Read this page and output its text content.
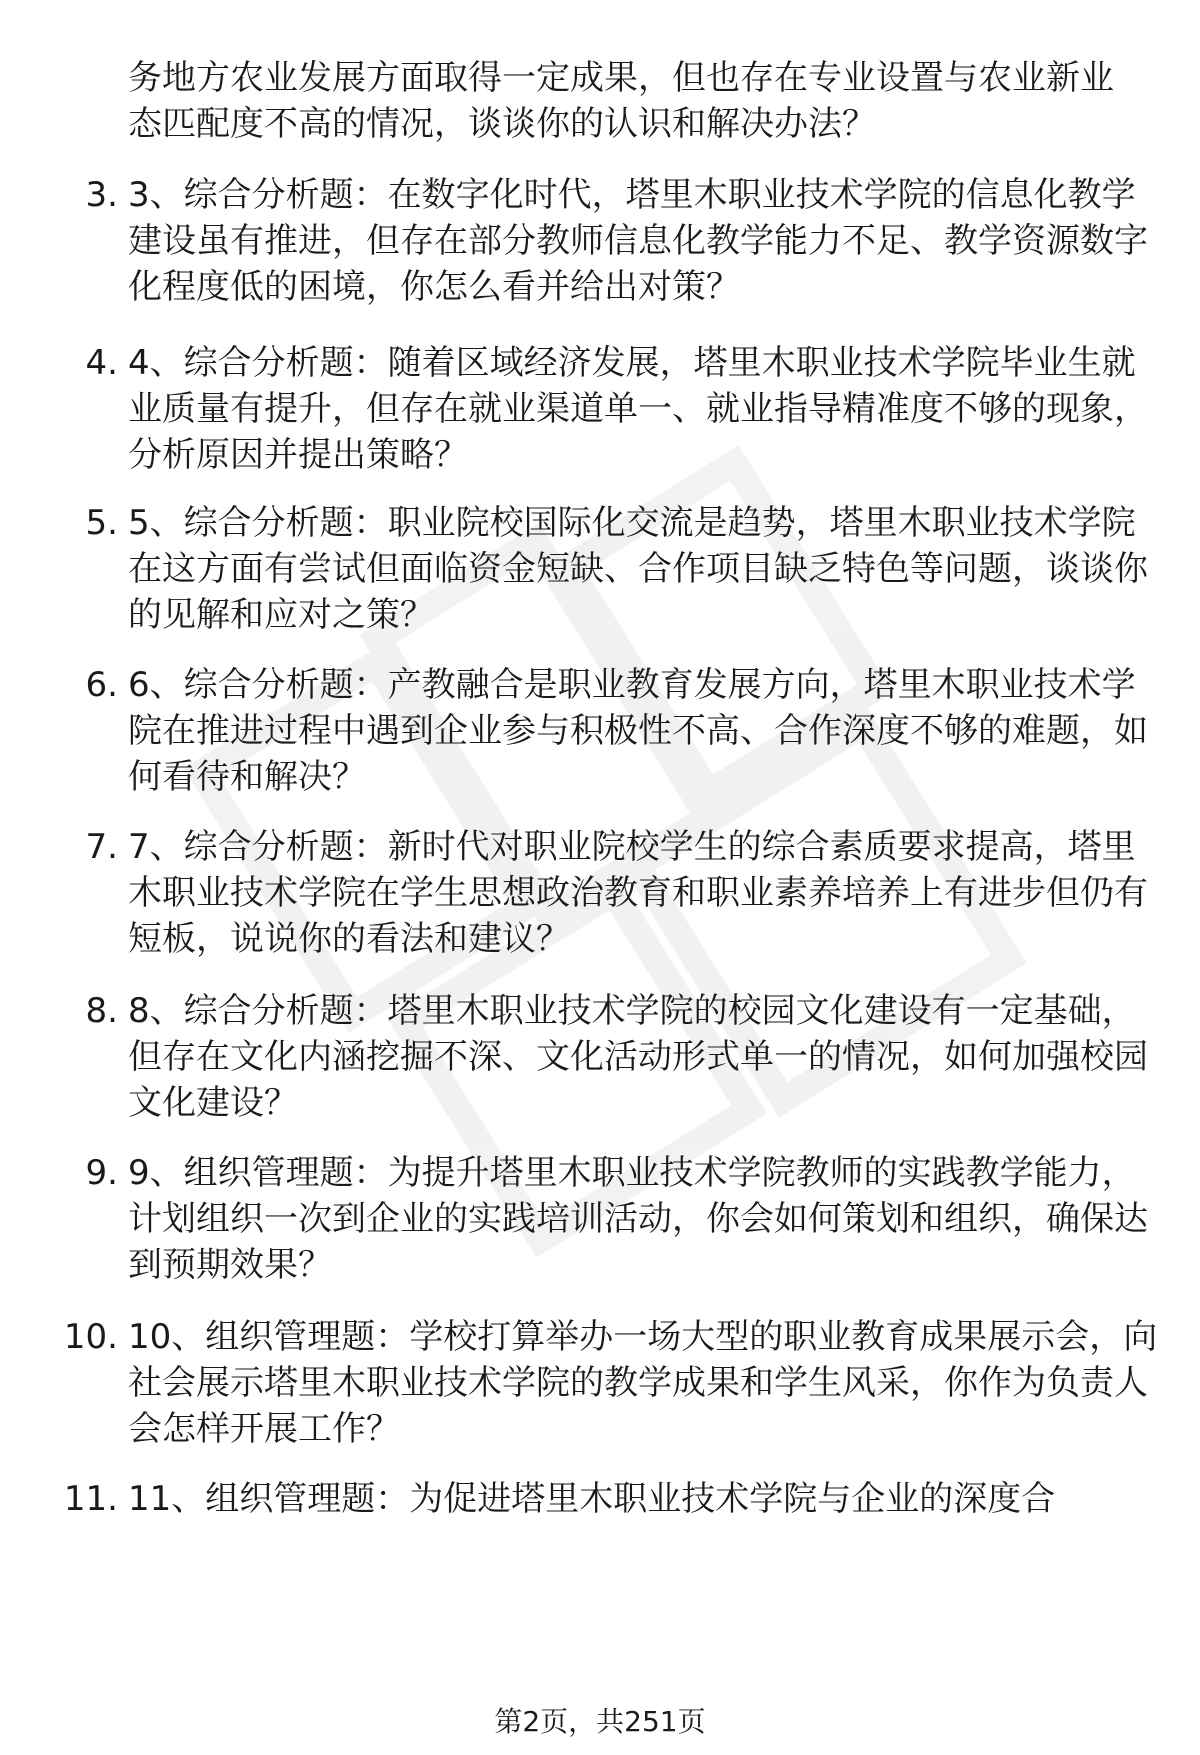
务地方农业发展方面取得一定成果，但也存在专业设置与农业新业态匹配度不高的情况，谈谈你的认识和解决办法？
3. 3、综合分析题：在数字化时代，塔里木职业技术学院的信息化教学建设虽有推进，但存在部分教师信息化教学能力不足、教学资源数字化程度低的困境，你怎么看并给出对策？
4. 4、综合分析题：随着区域经济发展，塔里木职业技术学院毕业生就业质量有提升，但存在就业渠道单一、就业指导精准度不够的现象，分析原因并提出策略？
5. 5、综合分析题：职业院校国际化交流是趋势，塔里木职业技术学院在这方面有尝试但面临资金短缺、合作项目缺乏特色等问题，谈谈你的见解和应对之策？
6. 6、综合分析题：产教融合是职业教育发展方向，塔里木职业技术学院在推进过程中遇到企业参与积极性不高、合作深度不够的难题，如何看待和解决？
7. 7、综合分析题：新时代对职业院校学生的综合素质要求提高，塔里木职业技术学院在学生思想政治教育和职业素养培养上有进步但仍有短板，说说你的看法和建议？
8. 8、综合分析题：塔里木职业技术学院的校园文化建设有一定基础，但存在文化内涵挖掘不深、文化活动形式单一的情况，如何加强校园文化建设？
9. 9、组织管理题：为提升塔里木职业技术学院教师的实践教学能力，计划组织一次到企业的实践培训活动，你会如何策划和组织，确保达到预期效果？
10. 10、组织管理题：学校打算举办一场大型的职业教育成果展示会，向社会展示塔里木职业技术学院的教学成果和学生风采，你作为负责人会怎样开展工作？
11. 11、组织管理题：为促进塔里木职业技术学院与企业的深度合
第2页，共251页
